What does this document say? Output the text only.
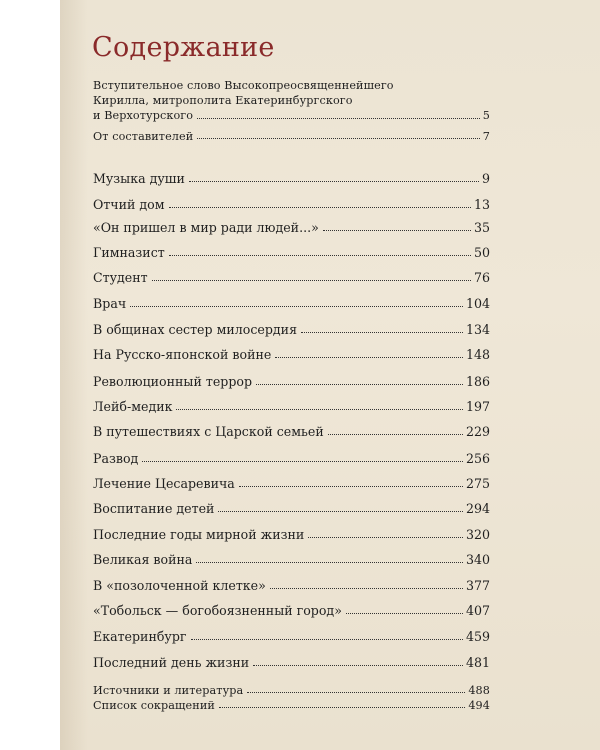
Содержание
Вступительное слово Высокопреосвященнейшего
Кирилла, митрополита Екатеринбургского
и Верхотурского	5
От составителей	7
Музыка души	9
Отчий дом	13
«Он пришел в мир ради людей...»	35
Гимназист	50
Студент	76
Врач	104
В общинах сестер милосердия	134
На Русско-японской войне	148
Революционный террор	186
Лейб-медик	197
В путешествиях с Царской семьей	229
Развод	256
Лечение Цесаревича	275
Воспитание детей	294
Последние годы мирной жизни	320
Великая война	340
В «позолоченной клетке»	377
«Тобольск — богобоязненный город»	407
Екатеринбург	459
Последний день жизни	481
Источники и литература	488
Список сокращений	494
